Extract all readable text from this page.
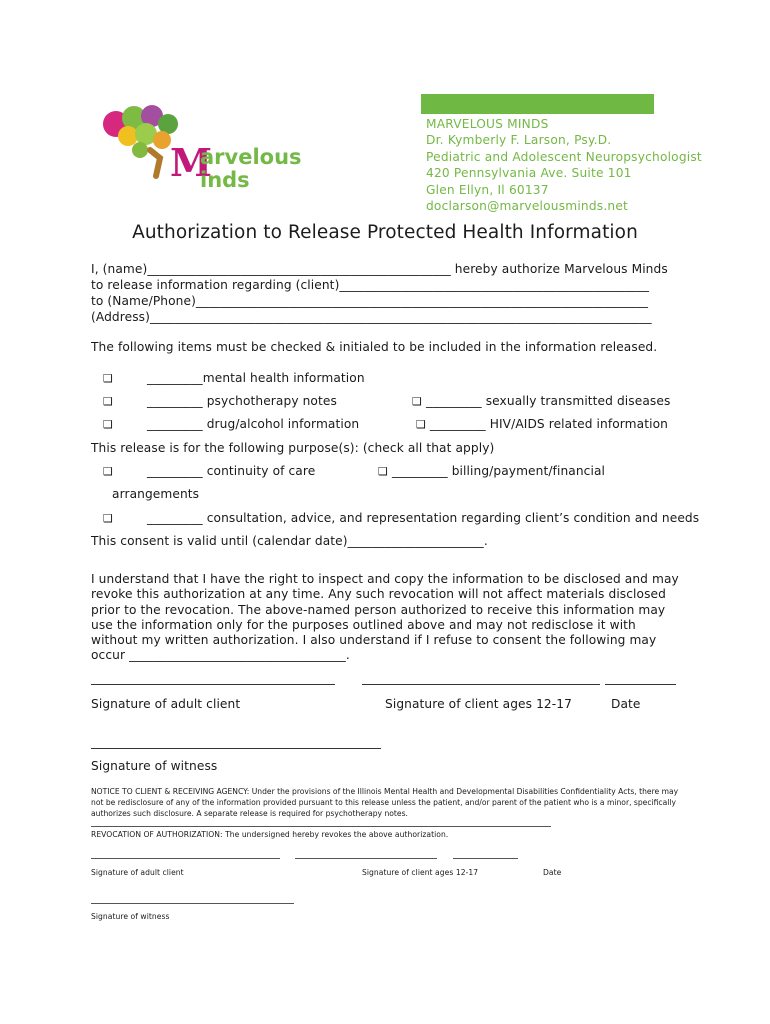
M
arvelous
inds
MARVELOUS MINDS
Dr. Kymberly F. Larson, Psy.D.
Pediatric and Adolescent Neuropsychologist
420 Pennsylvania Ave. Suite 101
Glen Ellyn, Il 60137
doclarson@marvelousminds.net
Authorization to Release Protected Health Information
I, (name)_________________________________________________ hereby authorize Marvelous Minds
to release information regarding (client)__________________________________________________
to (Name/Phone)_________________________________________________________________________
(Address)_________________________________________________________________________________
The following items must be checked & initialed to be included in the information released.
❑	_________mental health information
❑	_________ psychotherapy notes	❑ _________ sexually transmitted diseases
❑	_________ drug/alcohol information	❑ _________ HIV/AIDS related information
This release is for the following purpose(s): (check all that apply)
❑	_________ continuity of care	❑ _________ billing/payment/financial
arrangements
❑	_________ consultation, advice, and representation regarding client’s condition and needs
This consent is valid until (calendar date)______________________.
I understand that I have the right to inspect and copy the information to be disclosed and may revoke this authorization at any time. Any such revocation will not affect materials disclosed prior to the revocation. The above-named person authorized to receive this information may use the information only for the purposes outlined above and may not redisclose it with without my written authorization. I also understand if I refuse to consent the following may occur ___________________________________.
Signature of adult client	Signature of client ages 12-17	Date
Signature of witness
NOTICE TO CLIENT & RECEIVING AGENCY: Under the provisions of the Illinois Mental Health and Developmental Disabilities Confidentiality Acts, there may not be redisclosure of any of the information provided pursuant to this release unless the patient, and/or parent of the patient who is a minor, specifically authorizes such disclosure. A separate release is required for psychotherapy notes.
REVOCATION OF AUTHORIZATION: The undersigned hereby revokes the above authorization.
Signature of adult client	Signature of client ages 12-17	Date
Signature of witness
